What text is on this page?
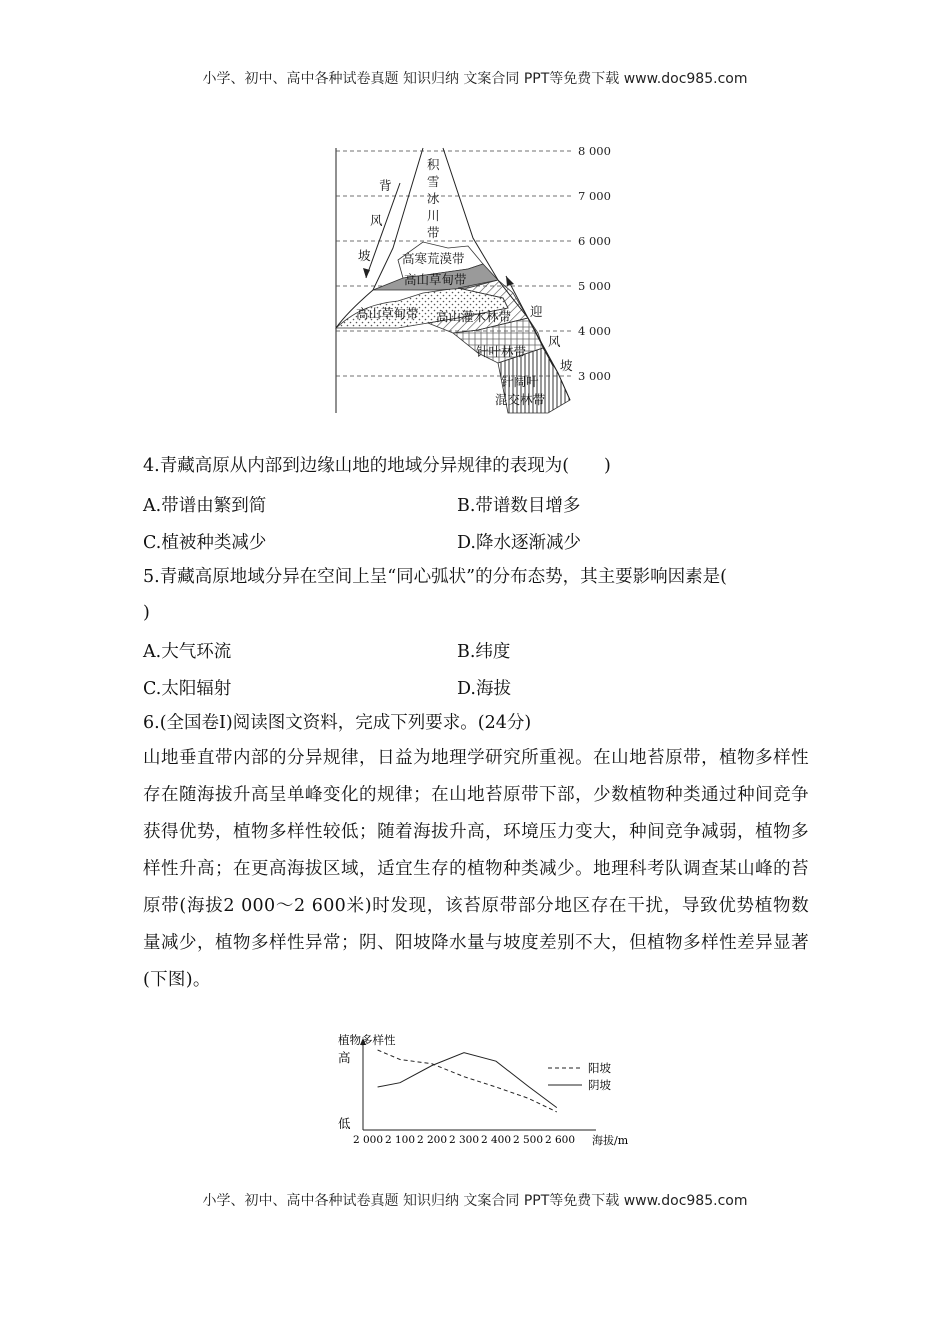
小学、初中、高中各种试卷真题 知识归纳 文案合同 PPT等免费下载 www.doc985.com
8 000
7 000
6 000
5 000
4 000
3 000
积
雪
冰
川
带
背
风
坡
迎
风
坡
高寒荒漠带
高山草甸带
高山草甸带 高山灌木林带
针叶林带
针阔叶
混交林带
4.青藏高原从内部到边缘山地的地域分异规律的表现为(　　)
A.带谱由繁到简	B.带谱数目增多
C.植被种类减少	D.降水逐渐减少
5.青藏高原地域分异在空间上呈“同心弧状”的分布态势，其主要影响因素是(
)
A.大气环流	B.纬度
C.太阳辐射	D.海拔
6.(全国卷Ⅰ)阅读图文资料，完成下列要求。(24分)
山地垂直带内部的分异规律，日益为地理学研究所重视。在山地苔原带，植物多样性存在随海拔升高呈单峰变化的规律；在山地苔原带下部，少数植物种类通过种间竞争获得优势，植物多样性较低；随着海拔升高，环境压力变大，种间竞争减弱，植物多样性升高；在更高海拔区域，适宜生存的植物种类减少。地理科考队调查某山峰的苔原带(海拔2 000～2 600米)时发现，该苔原带部分地区存在干扰，导致优势植物数量减少，植物多样性异常；阴、阳坡降水量与坡度差别不大，但植物多样性差异显著(下图)。
植物多样性
高
低
海拔/m
2 000 2 100 2 200 2 300 2 400 2 500 2 600
阳坡
阴坡
小学、初中、高中各种试卷真题 知识归纳 文案合同 PPT等免费下载 www.doc985.com
